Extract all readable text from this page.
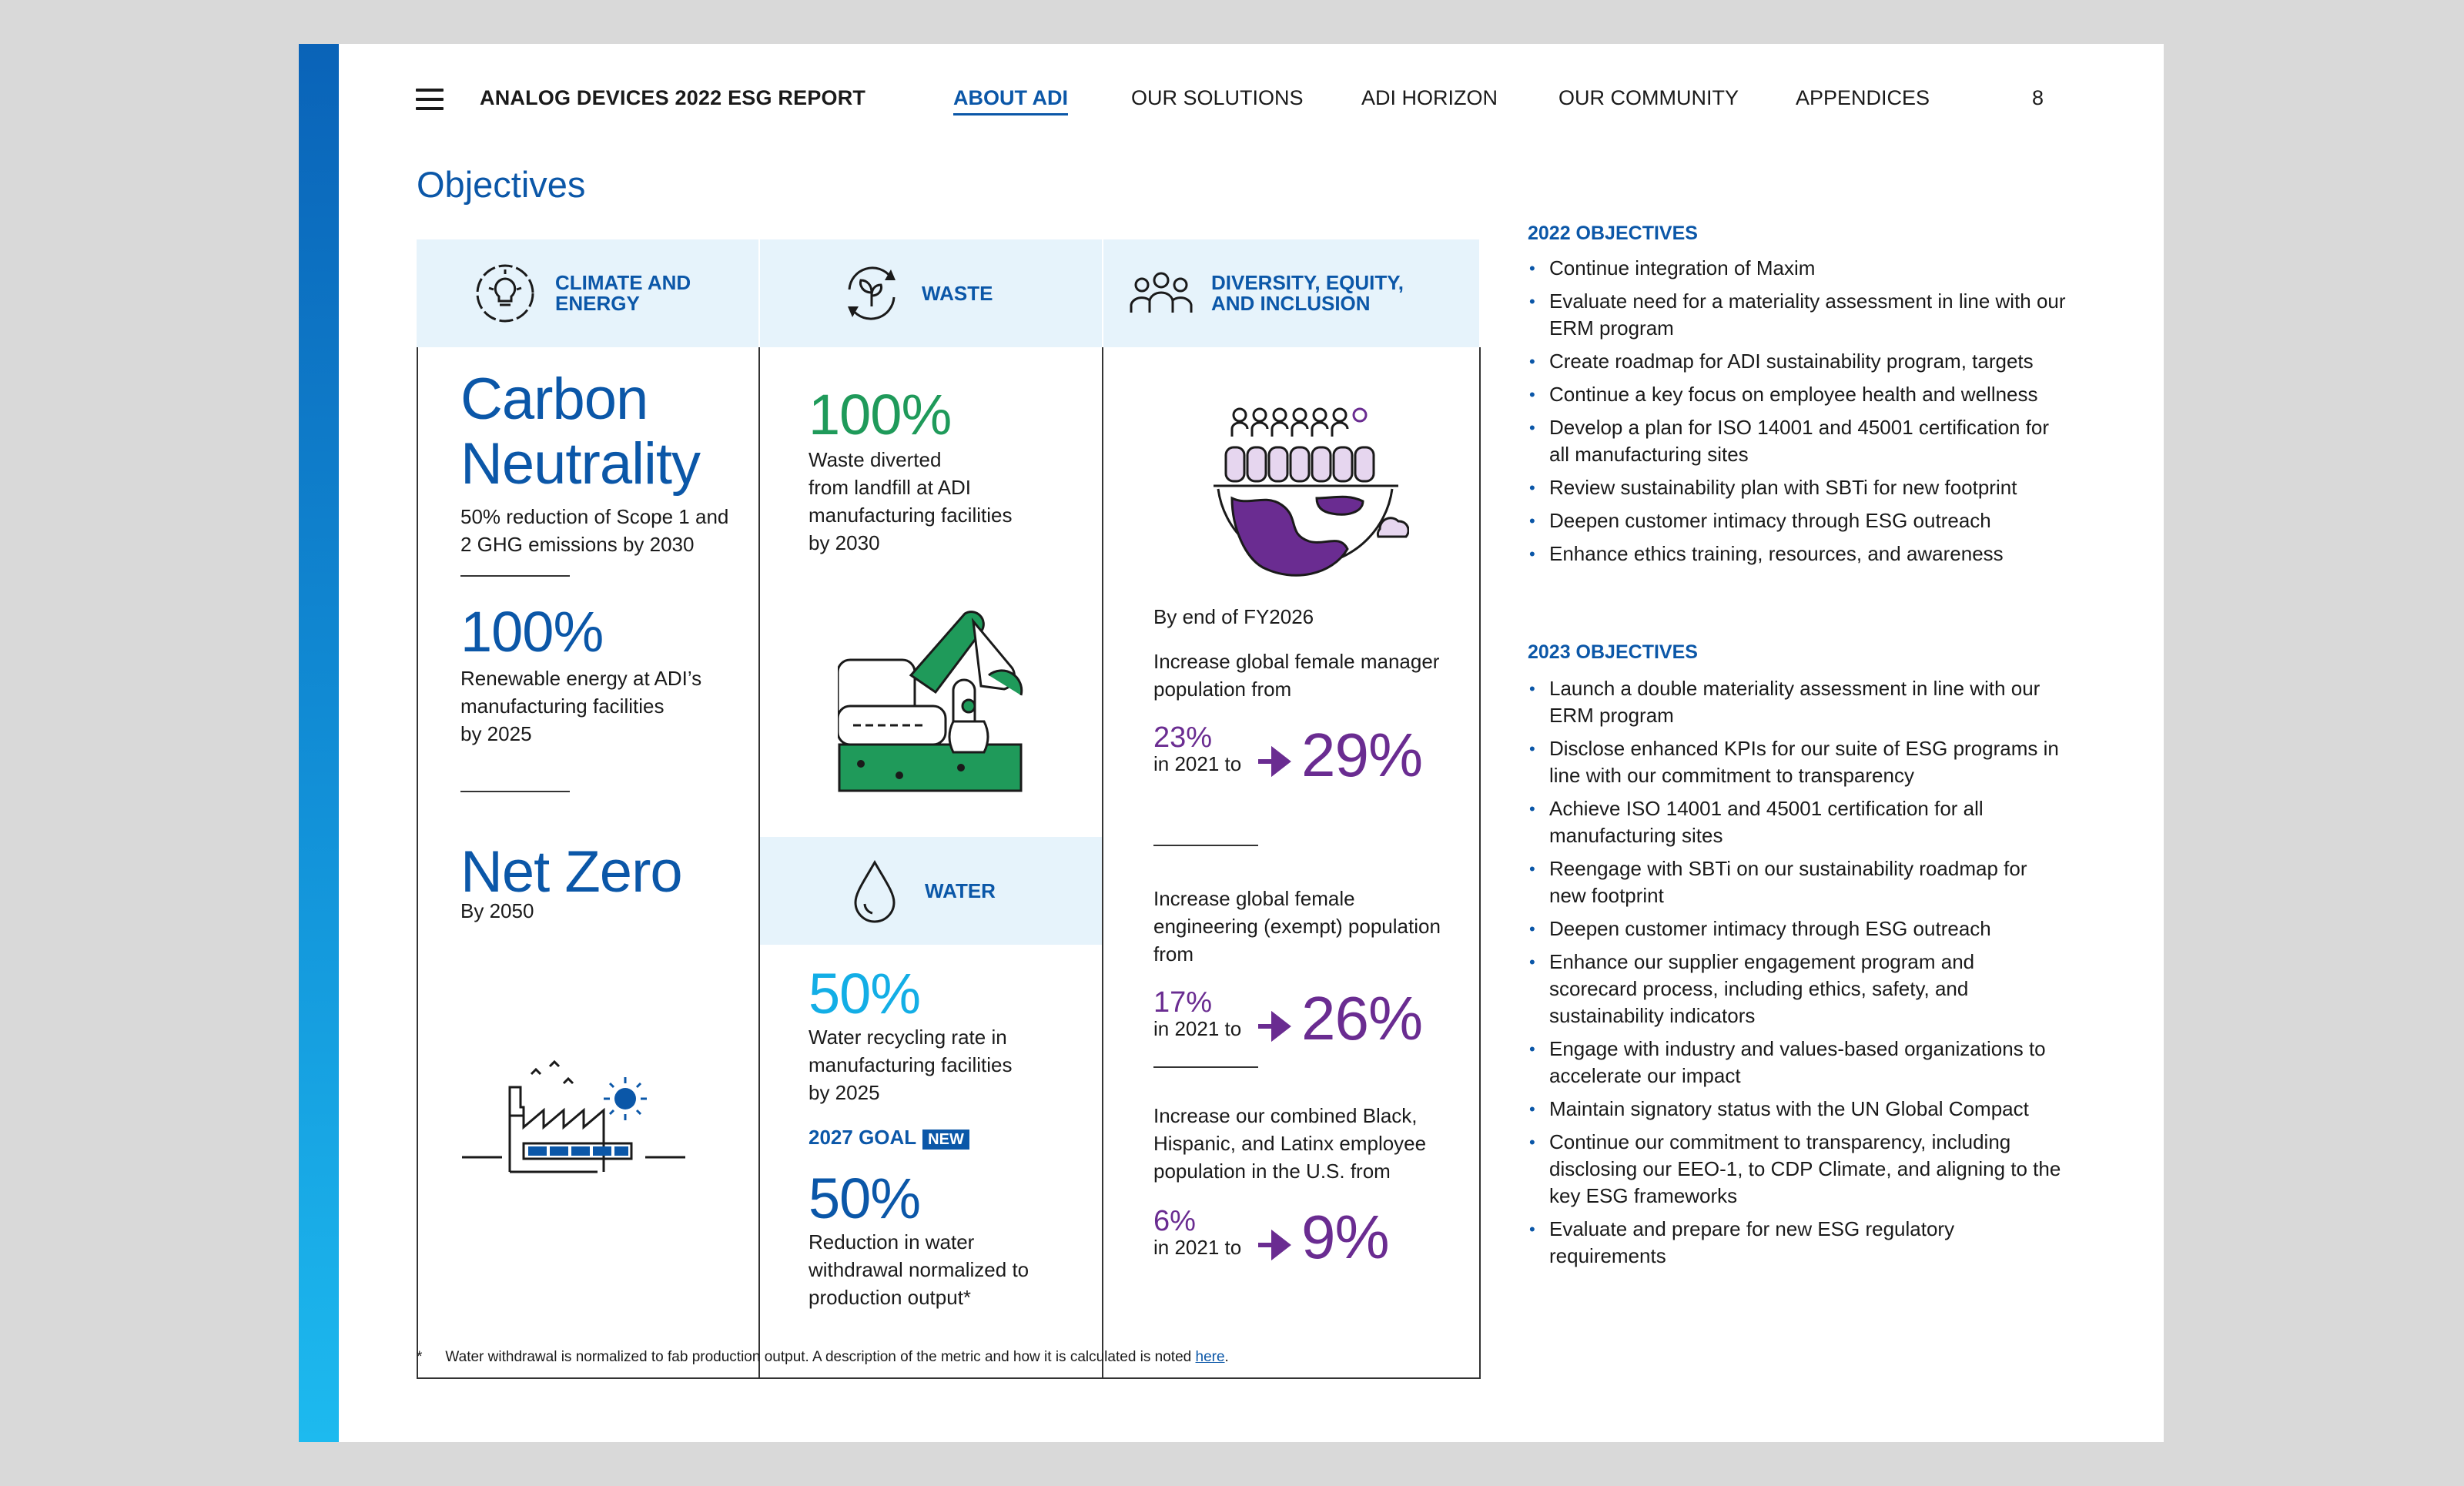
ANALOG DEVICES 2022 ESG REPORT	ABOUT ADI	OUR SOLUTIONS	ADI HORIZON	OUR COMMUNITY	APPENDICES	8
Objectives
CLIMATE AND
ENERGY	WASTE	DIVERSITY, EQUITY,
AND INCLUSION
Carbon
Neutrality
50% reduction of Scope 1 and
2 GHG emissions by 2030
100%
Renewable energy at ADI’s
manufacturing facilities
by 2025
Net Zero
By 2050
100%
Waste diverted
from landfill at ADI
manufacturing facilities
by 2030
WATER
50%
Water recycling rate in
manufacturing facilities
by 2025
2027 GOAL NEW
50%
Reduction in water
withdrawal normalized to
production output*
By end of FY2026
Increase global female manager
population from
23%
in 2021 to 29%
Increase global female
engineering (exempt) population
from
17%
in 2021 to 26%
Increase our combined Black,
Hispanic, and Latinx employee
population in the U.S. from
6%
in 2021 to 9%
2022 OBJECTIVES
• Continue integration of Maxim
• Evaluate need for a materiality assessment in line with our ERM program
• Create roadmap for ADI sustainability program, targets
• Continue a key focus on employee health and wellness
• Develop a plan for ISO 14001 and 45001 certification for all manufacturing sites
• Review sustainability plan with SBTi for new footprint
• Deepen customer intimacy through ESG outreach
• Enhance ethics training, resources, and awareness
2023 OBJECTIVES
• Launch a double materiality assessment in line with our ERM program
• Disclose enhanced KPIs for our suite of ESG programs in line with our commitment to transparency
• Achieve ISO 14001 and 45001 certification for all manufacturing sites
• Reengage with SBTi on our sustainability roadmap for new footprint
• Deepen customer intimacy through ESG outreach
• Enhance our supplier engagement program and scorecard process, including ethics, safety, and sustainability indicators
• Engage with industry and values-based organizations to accelerate our impact
• Maintain signatory status with the UN Global Compact
• Continue our commitment to transparency, including disclosing our EEO-1, to CDP Climate, and aligning to the key ESG frameworks
• Evaluate and prepare for new ESG regulatory requirements
* Water withdrawal is normalized to fab production output. A description of the metric and how it is calculated is noted here.
